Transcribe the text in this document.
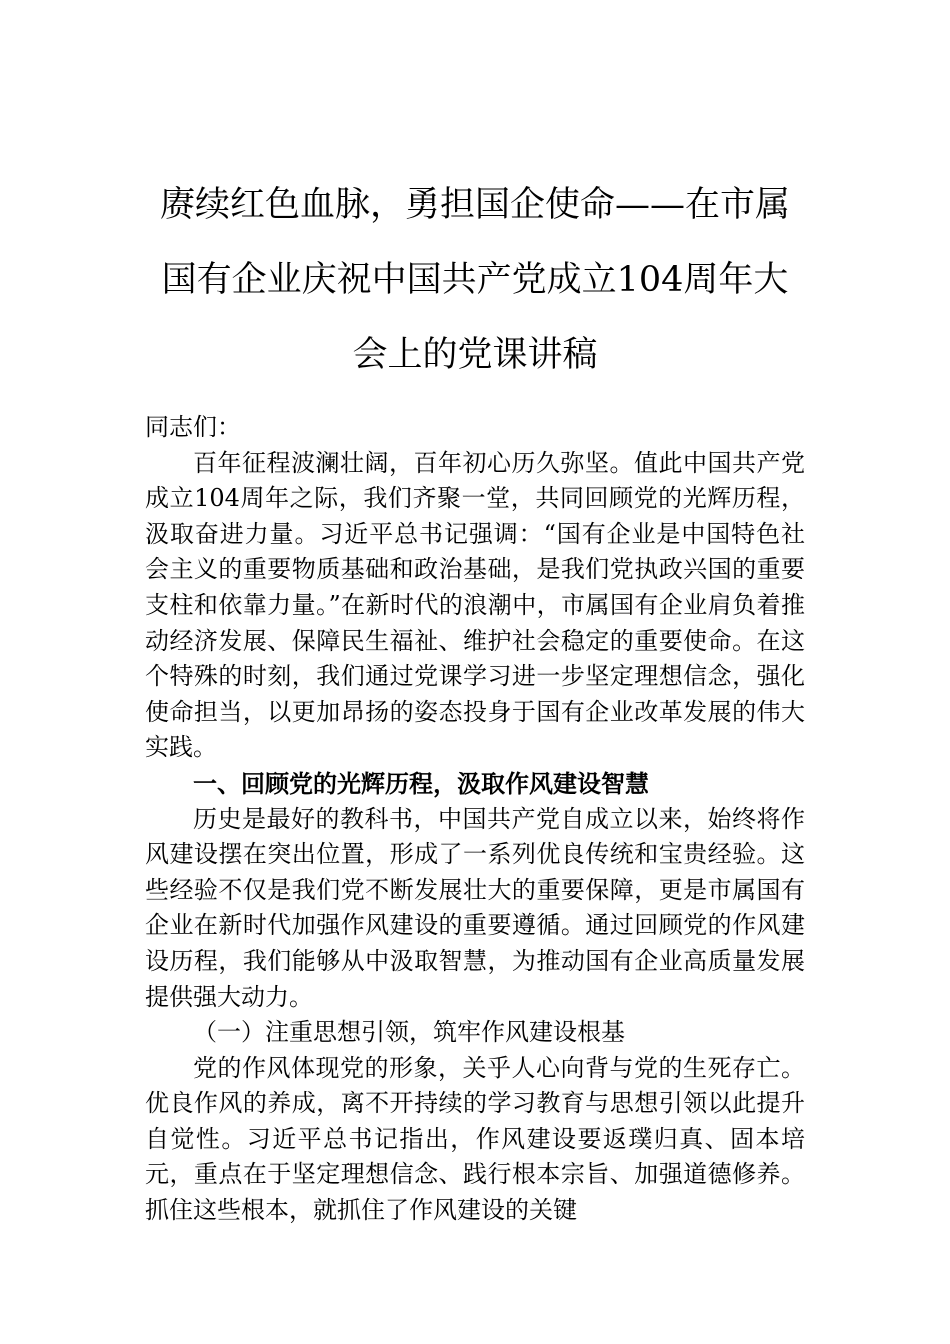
赓续红色血脉，勇担国企使命——在市属
国有企业庆祝中国共产党成立104周年大
会上的党课讲稿

同志们：

百年征程波澜壮阔，百年初心历久弥坚。值此中国共产党成立104周年之际，我们齐聚一堂，共同回顾党的光辉历程，汲取奋进力量。习近平总书记强调：“国有企业是中国特色社会主义的重要物质基础和政治基础，是我们党执政兴国的重要支柱和依靠力量。”在新时代的浪潮中，市属国有企业肩负着推动经济发展、保障民生福祉、维护社会稳定的重要使命。在这个特殊的时刻，我们通过党课学习进一步坚定理想信念，强化使命担当，以更加昂扬的姿态投身于国有企业改革发展的伟大实践。

一、回顾党的光辉历程，汲取作风建设智慧

历史是最好的教科书，中国共产党自成立以来，始终将作风建设摆在突出位置，形成了一系列优良传统和宝贵经验。这些经验不仅是我们党不断发展壮大的重要保障，更是市属国有企业在新时代加强作风建设的重要遵循。通过回顾党的作风建设历程，我们能够从中汲取智慧，为推动国有企业高质量发展提供强大动力。

（一）注重思想引领，筑牢作风建设根基

党的作风体现党的形象，关乎人心向背与党的生死存亡。优良作风的养成，离不开持续的学习教育与思想引领以此提升自觉性。习近平总书记指出，作风建设要返璞归真、固本培元，重点在于坚定理想信念、践行根本宗旨、加强道德修养。抓住这些根本，就抓住了作风建设的关键
